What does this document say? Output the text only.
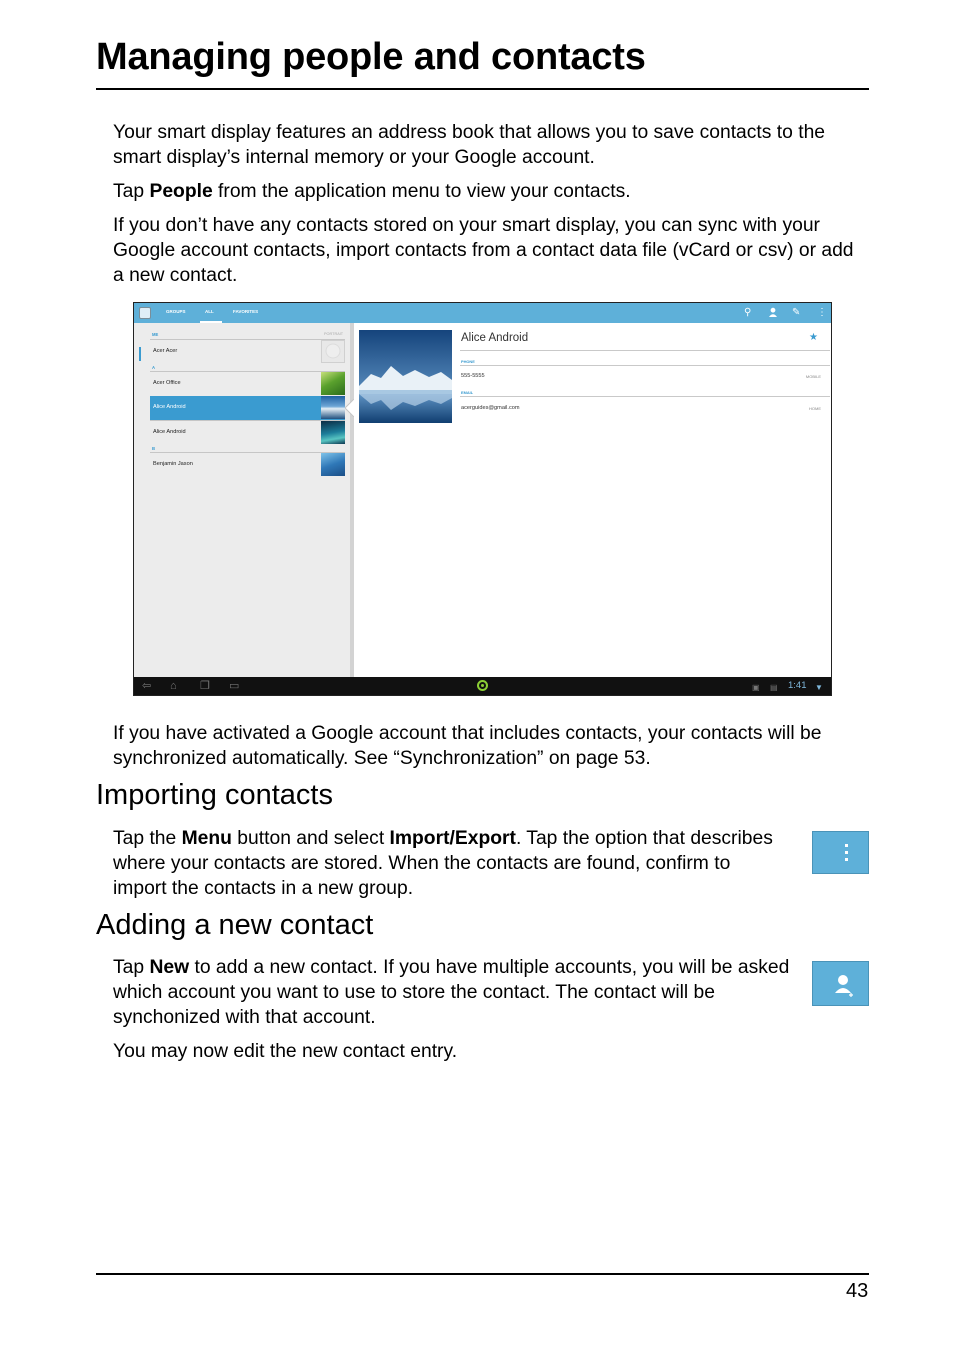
Managing people and contacts

Your smart display features an address book that allows you to save contacts to the smart display’s internal memory or your Google account.

Tap People from the application menu to view your contacts.

If you don’t have any contacts stored on your smart display, you can sync with your Google account contacts, import contacts from a contact data file (vCard or csv) or add a new contact.

GROUPS	ALL	FAVORITES	⚲	✎ ⋮
ME	PORTRAIT
Acer Acer
A
Acer Office
Alice Android
Alice Android
B
Benjamin Jason
Alice Android	★
PHONE
555-5555	MOBILE
EMAIL
acerguides@gmail.com	HOME
⇦ ⌂ ❐ ▭	▣ ▤ 1:41 ▼

If you have activated a Google account that includes contacts, your contacts will be synchronized automatically. See “Synchronization” on page 53.

Importing contacts

Tap the Menu button and select Import/Export. Tap the option that describes where your contacts are stored. When the contacts are found, confirm to import the contacts in a new group.

Adding a new contact

Tap New to add a new contact. If you have multiple accounts, you will be asked which account you want to use to store the contact. The contact will be synchonized with that account.

You may now edit the new contact entry.

43
